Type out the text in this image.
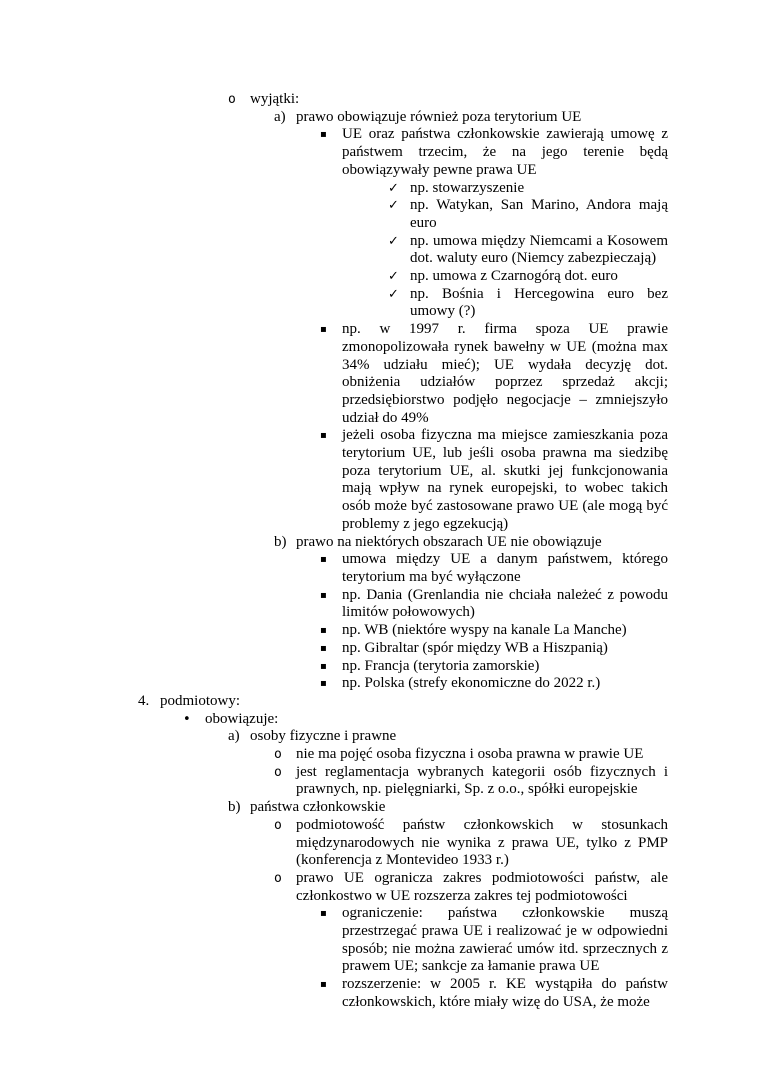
o wyjątki:
a) prawo obowiązuje również poza terytorium UE
▪	UE oraz państwa członkowskie zawierają umowę z państwem trzecim, że na jego terenie będą obowiązywały pewne prawa UE
✓ np. stowarzyszenie
✓ np. Watykan, San Marino, Andora mają euro
✓ np. umowa między Niemcami a Kosowem dot. waluty euro (Niemcy zabezpieczają)
✓ np. umowa z Czarnogórą dot. euro
✓ np. Bośnia i Hercegowina euro bez umowy (?)
▪	np. w 1997 r. firma spoza UE prawie zmonopolizowała rynek bawełny w UE (można max 34% udziału mieć); UE wydała decyzję dot. obniżenia udziałów poprzez sprzedaż akcji; przedsiębiorstwo podjęło negocjacje – zmniejszyło udział do 49%
▪	jeżeli osoba fizyczna ma miejsce zamieszkania poza terytorium UE, lub jeśli osoba prawna ma siedzibę poza terytorium UE, al. skutki jej funkcjonowania mają wpływ na rynek europejski, to wobec takich osób może być zastosowane prawo UE (ale mogą być problemy z jego egzekucją)
b) prawo na niektórych obszarach UE nie obowiązuje
▪	umowa między UE a danym państwem, którego terytorium ma być wyłączone
▪	np. Dania (Grenlandia nie chciała należeć z powodu limitów połowowych)
▪	np. WB (niektóre wyspy na kanale La Manche)
▪	np. Gibraltar (spór między WB a Hiszpanią)
▪	np. Francja (terytoria zamorskie)
▪	np. Polska (strefy ekonomiczne do 2022 r.)
4. podmiotowy:
• obowiązuje:
a) osoby fizyczne i prawne
o nie ma pojęć osoba fizyczna i osoba prawna w prawie UE
o jest reglamentacja wybranych kategorii osób fizycznych i prawnych, np. pielęgniarki, Sp. z o.o., spółki europejskie
b) państwa członkowskie
o podmiotowość państw członkowskich w stosunkach międzynarodowych nie wynika z prawa UE, tylko z PMP (konferencja z Montevideo 1933 r.)
o prawo UE ogranicza zakres podmiotowości państw, ale członkostwo w UE rozszerza zakres tej podmiotowości
▪	ograniczenie: państwa członkowskie muszą przestrzegać prawa UE i realizować je w odpowiedni sposób; nie można zawierać umów itd. sprzecznych z prawem UE; sankcje za łamanie prawa UE
▪	rozszerzenie: w 2005 r. KE wystąpiła do państw członkowskich, które miały wizę do USA, że może
